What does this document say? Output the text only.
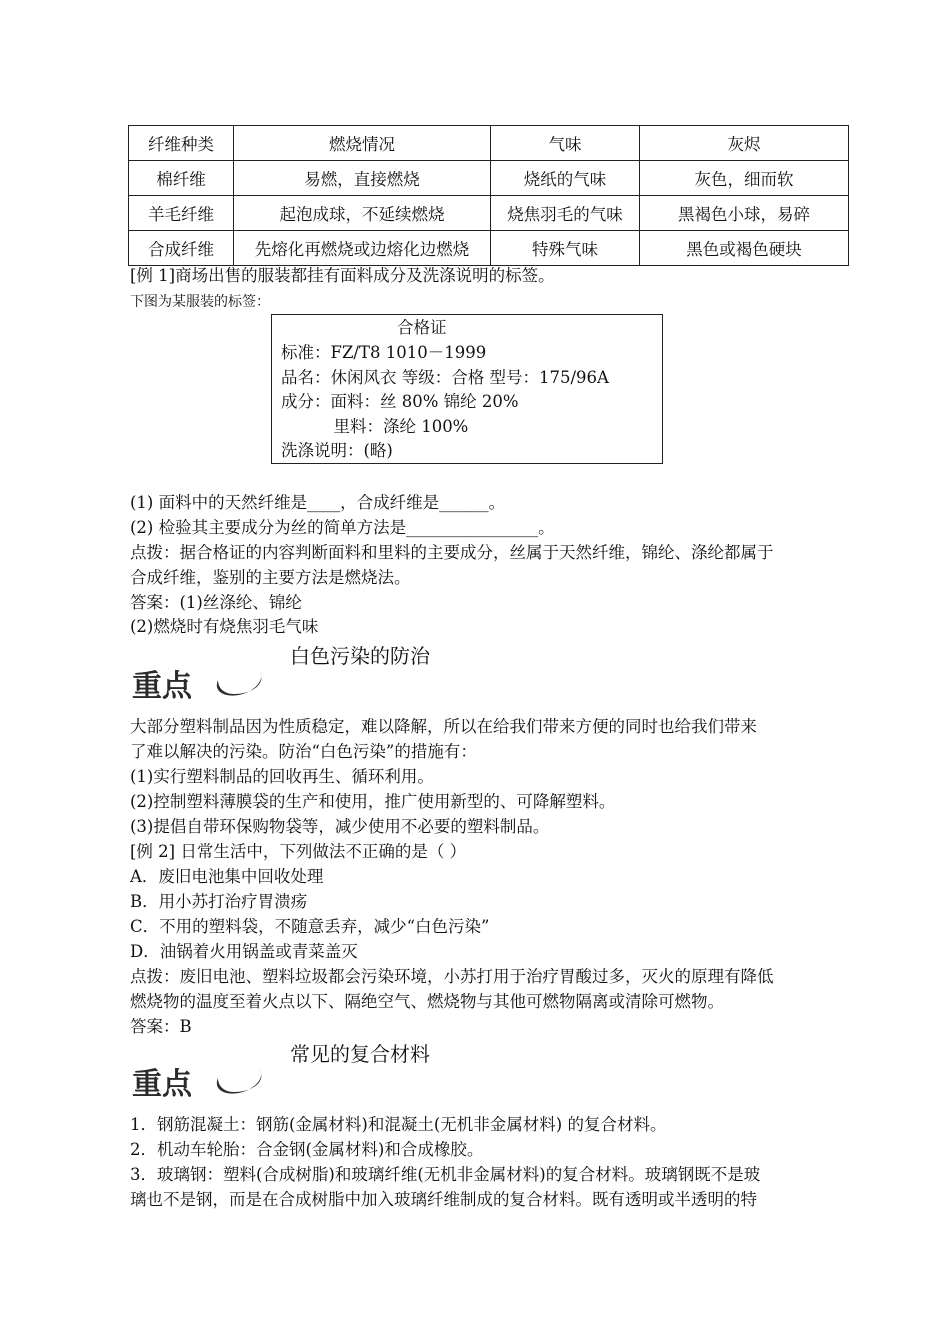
纤维种类	燃烧情况	气味	灰烬
棉纤维	易燃，直接燃烧	烧纸的气味	灰色，细而软
羊毛纤维	起泡成球，不延续燃烧	烧焦羽毛的气味	黑褐色小球，易碎
合成纤维	先熔化再燃烧或边熔化边燃烧	特殊气味	黑色或褐色硬块
[例 1]商场出售的服装都挂有面料成分及洗涤说明的标签。
下图为某服装的标签：
合格证
标准：FZ/T8 1010－1999
品名：休闲风衣 等级：合格 型号：175/96A
成分：面料：丝 80% 锦纶 20%
里料：涤纶 100%
洗涤说明：(略)
(1) 面料中的天然纤维是____，合成纤维是______。
(2) 检验其主要成分为丝的简单方法是________________。
点拨：据合格证的内容判断面料和里料的主要成分，丝属于天然纤维，锦纶、涤纶都属于
合成纤维，鉴别的主要方法是燃烧法。
答案：(1)丝涤纶、锦纶
(2)燃烧时有烧焦羽毛气味
白色污染的防治
重点
大部分塑料制品因为性质稳定，难以降解，所以在给我们带来方便的同时也给我们带来
了难以解决的污染。防治“白色污染”的措施有：
(1)实行塑料制品的回收再生、循环利用。
(2)控制塑料薄膜袋的生产和使用，推广使用新型的、可降解塑料。
(3)提倡自带环保购物袋等，减少使用不必要的塑料制品。
[例 2] 日常生活中，下列做法不正确的是（ ）
A．废旧电池集中回收处理
B．用小苏打治疗胃溃疡
C．不用的塑料袋，不随意丢弃，减少“白色污染”
D．油锅着火用锅盖或青菜盖灭
点拨：废旧电池、塑料垃圾都会污染环境，小苏打用于治疗胃酸过多，灭火的原理有降低
燃烧物的温度至着火点以下、隔绝空气、燃烧物与其他可燃物隔离或清除可燃物。
答案：B
常见的复合材料
重点
1．钢筋混凝土：钢筋(金属材料)和混凝土(无机非金属材料) 的复合材料。
2．机动车轮胎：合金钢(金属材料)和合成橡胶。
3．玻璃钢：塑料(合成树脂)和玻璃纤维(无机非金属材料)的复合材料。玻璃钢既不是玻
璃也不是钢，而是在合成树脂中加入玻璃纤维制成的复合材料。既有透明或半透明的特
